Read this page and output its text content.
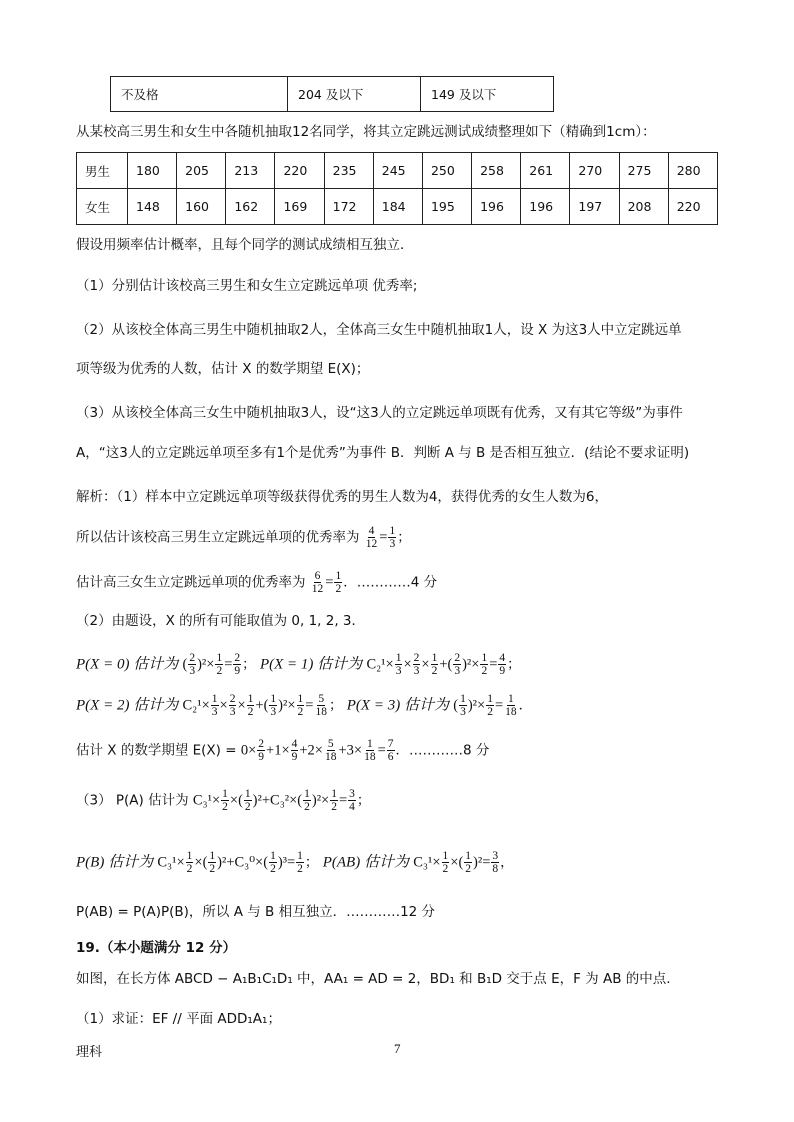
不及格	204 及以下	149 及以下
从某校高三男生和女生中各随机抽取12名同学，将其立定跳远测试成绩整理如下（精确到1cm）：
男生	180	205	213	220	235	245	250	258	261	270	275	280
女生	148	160	162	169	172	184	195	196	196	197	208	220
假设用频率估计概率，且每个同学的测试成绩相互独立．
（1）分别估计该校高三男生和女生立定跳远单项 优秀率;
（2）从该校全体高三男生中随机抽取2人，全体高三女生中随机抽取1人，设 X 为这3人中立定跳远单
项等级为优秀的人数，估计 X 的数学期望 E(X)；
（3）从该校全体高三女生中随机抽取3人，设“这3人的立定跳远单项既有优秀，又有其它等级”为事件
A，“这3人的立定跳远单项至多有1个是优秀”为事件 B．判断 A 与 B 是否相互独立．(结论不要求证明)
解析：（1）样本中立定跳远单项等级获得优秀的男生人数为4，获得优秀的女生人数为6，
所以估计该校高三男生立定跳远单项的优秀率为 $\frac{4}{12} = \frac{1}{3}$ ；
估计高三女生立定跳远单项的优秀率为 $\frac{6}{12} = \frac{1}{2}$ ．…………4 分
（2）由题设，X 的所有可能取值为 0, 1, 2, 3．
P(X = 0) 估计为 ( $\frac{2}{3} )^2\times \frac{1}{2} = \frac{2}{9}$ ； P(X = 1) 估计为 $C_2^1\times \frac{1}{3} \times \frac{2}{3} \times \frac{1}{2}$ +( $\frac{2}{3} )^2\times \frac{1}{2} = \frac{4}{9}$ ；
P(X = 2) 估计为 $C_2^1\times \frac{1}{3} \times \frac{2}{3} \times \frac{1}{2}$ +( $\frac{1}{3} )^2\times \frac{1}{2} = \frac{5}{18}$ ； P(X = 3) 估计为 ( $\frac{1}{3} )^2\times \frac{1}{2} = \frac{1}{18}$ ．
估计 X 的数学期望 $E(X) = 0\times \frac{2}{9} +1\times \frac{4}{9} +2\times \frac{5}{18} +3\times \frac{1}{18} = \frac{7}{6}$ ．…………8 分
（3） P(A) 估计为 $C_3^1\times \frac{1}{2}$ ×( $\frac{1}{2} )^2+C_3^2\times( \frac{1}{2} )^2\times \frac{1}{2} = \frac{3}{4}$ ；
P(B) 估计为 $C_3^1\times \frac{1}{2}$ ×( $\frac{1}{2} )^2+C_3^0\times( \frac{1}{2} )^3= \frac{1}{2}$ ； P(AB) 估计为 $C_3^1\times \frac{1}{2}$ ×( $\frac{1}{2} )^2= \frac{3}{8}$ ，
P(AB) = P(A)P(B)，所以 A 与 B 相互独立．…………12 分
19.（本小题满分 12 分）
如图，在长方体 ABCD − A₁B₁C₁D₁ 中，AA₁ = AD = 2，BD₁ 和 B₁D 交于点 E，F 为 AB 的中点.
（1）求证：EF // 平面 ADD₁A₁；
理科	7
